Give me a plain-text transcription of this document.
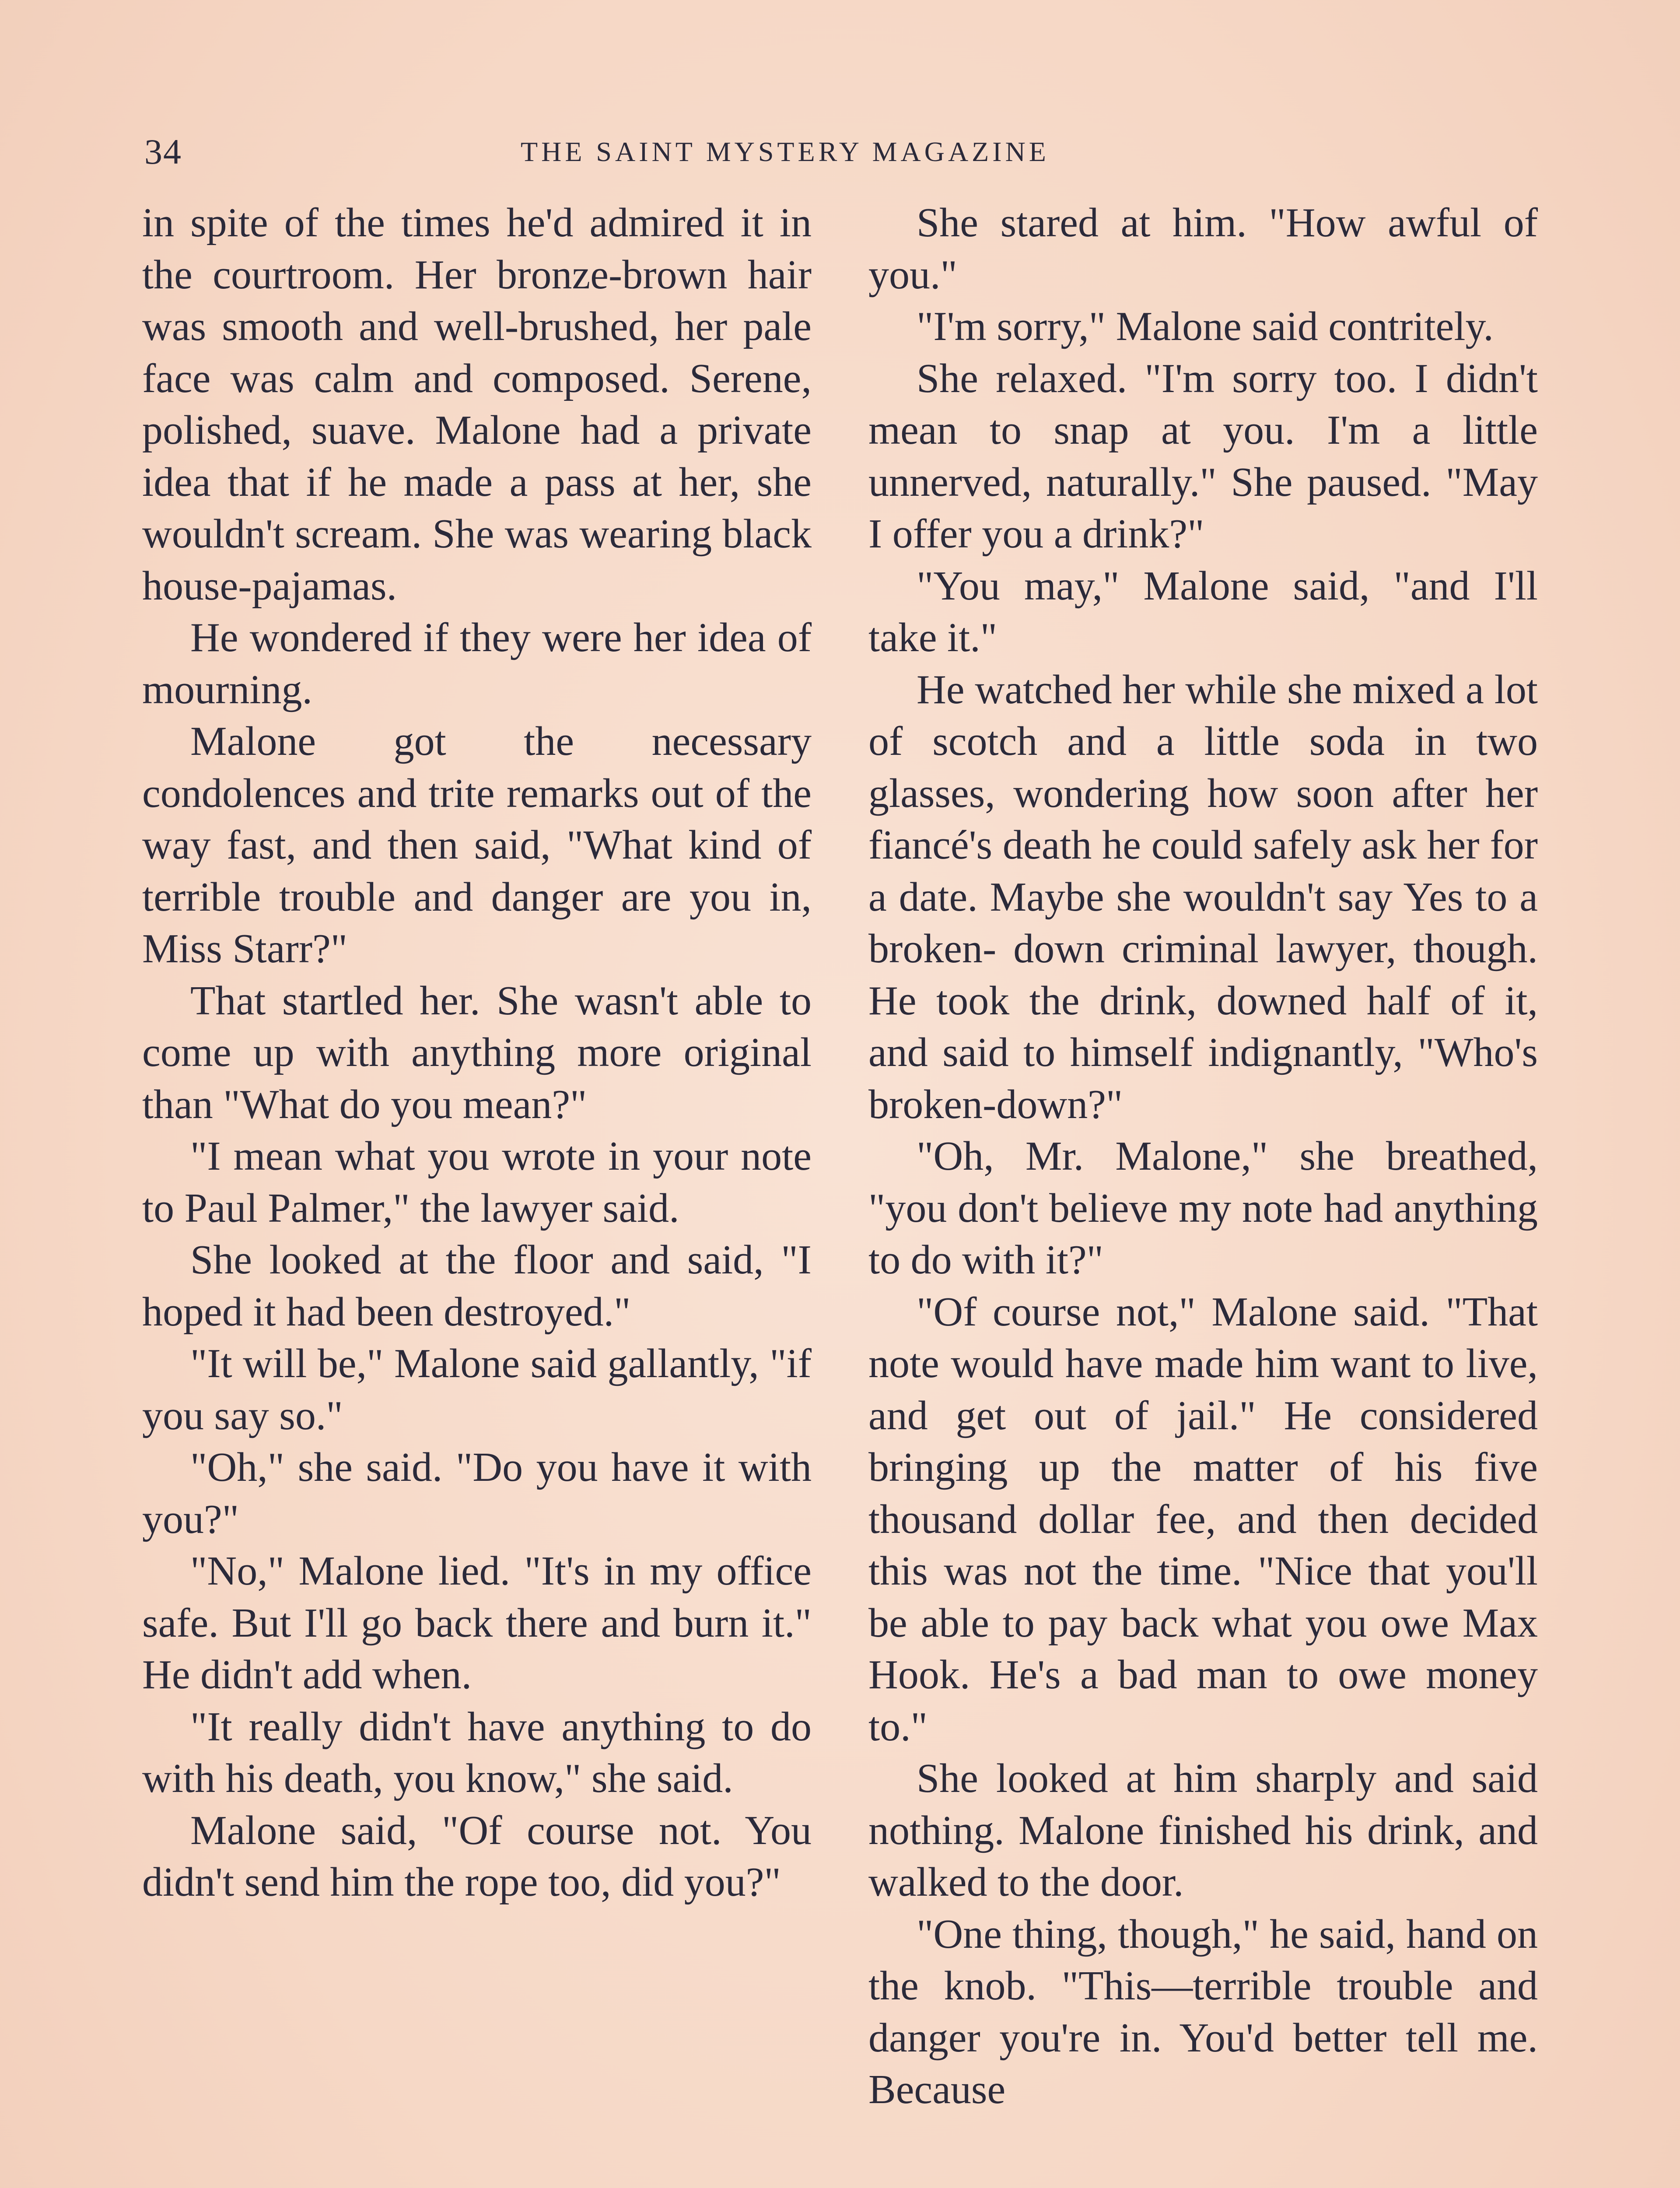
34	THE SAINT MYSTERY MAGAZINE

in spite of the times he'd admired it in the courtroom. Her bronze-brown hair was smooth and well-brushed, her pale face was calm and composed. Serene, polished, suave. Malone had a private idea that if he made a pass at her, she wouldn't scream. She was wearing black house-pajamas.

He wondered if they were her idea of mourning.

Malone got the necessary condolences and trite remarks out of the way fast, and then said, "What kind of terrible trouble and danger are you in, Miss Starr?"

That startled her. She wasn't able to come up with anything more original than "What do you mean?"

"I mean what you wrote in your note to Paul Palmer," the lawyer said.

She looked at the floor and said, "I hoped it had been destroyed."

"It will be," Malone said gallantly, "if you say so."

"Oh," she said. "Do you have it with you?"

"No," Malone lied. "It's in my office safe. But I'll go back there and burn it." He didn't add when.

"It really didn't have anything to do with his death, you know," she said.

Malone said, "Of course not. You didn't send him the rope too, did you?"

She stared at him. "How awful of you."

"I'm sorry," Malone said contritely.

She relaxed. "I'm sorry too. I didn't mean to snap at you. I'm a little unnerved, naturally." She paused. "May I offer you a drink?"

"You may," Malone said, "and I'll take it."

He watched her while she mixed a lot of scotch and a little soda in two glasses, wondering how soon after her fiancé's death he could safely ask her for a date. Maybe she wouldn't say Yes to a broken- down criminal lawyer, though. He took the drink, downed half of it, and said to himself indignantly, "Who's broken-down?"

"Oh, Mr. Malone," she breathed, "you don't believe my note had anything to do with it?"

"Of course not," Malone said. "That note would have made him want to live, and get out of jail." He considered bringing up the matter of his five thousand dollar fee, and then decided this was not the time. "Nice that you'll be able to pay back what you owe Max Hook. He's a bad man to owe money to."

She looked at him sharply and said nothing. Malone finished his drink, and walked to the door.

"One thing, though," he said, hand on the knob. "This—terrible trouble and danger you're in. You'd better tell me. Because
